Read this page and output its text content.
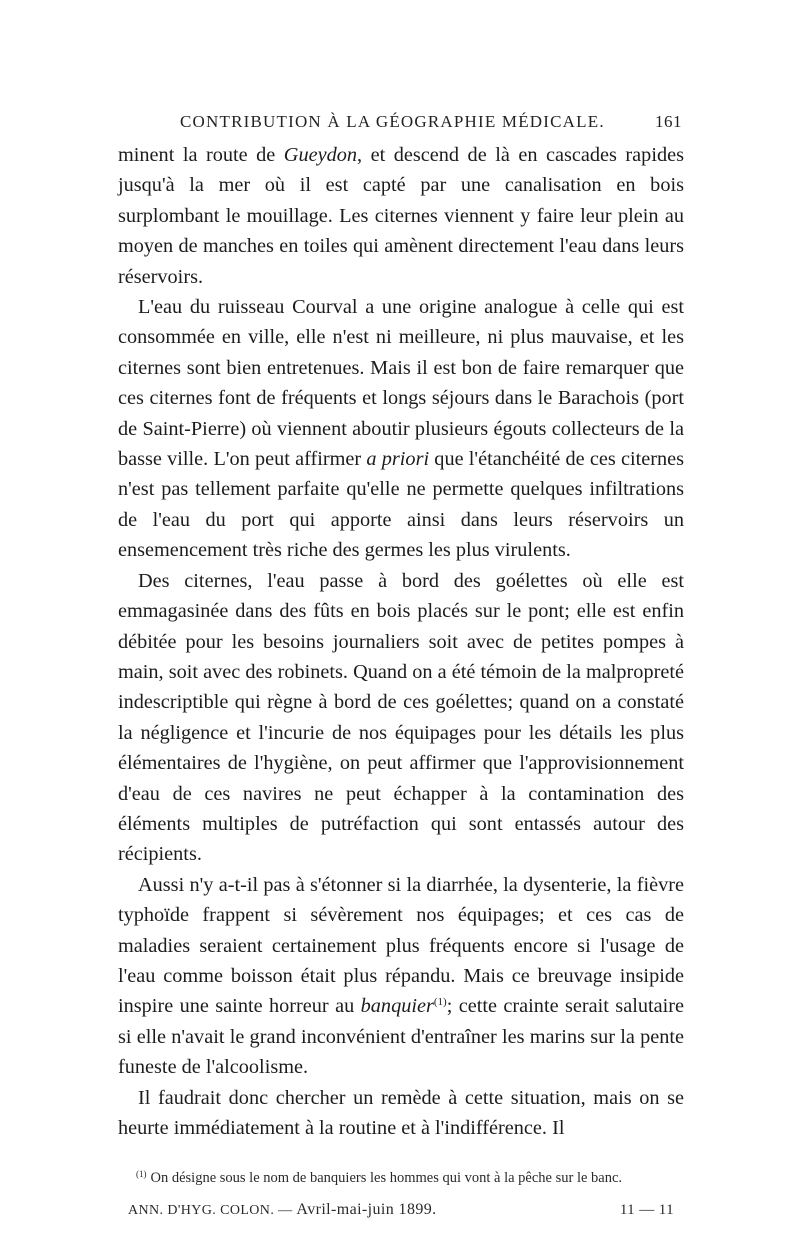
CONTRIBUTION À LA GÉOGRAPHIE MÉDICALE.	161

minent la route de Gueydon, et descend de là en cascades rapides jusqu'à la mer où il est capté par une canalisation en bois surplombant le mouillage. Les citernes viennent y faire leur plein au moyen de manches en toiles qui amènent directement l'eau dans leurs réservoirs.

L'eau du ruisseau Courval a une origine analogue à celle qui est consommée en ville, elle n'est ni meilleure, ni plus mauvaise, et les citernes sont bien entretenues. Mais il est bon de faire remarquer que ces citernes font de fréquents et longs séjours dans le Barachois (port de Saint-Pierre) où viennent aboutir plusieurs égouts collecteurs de la basse ville. L'on peut affirmer a priori que l'étanchéité de ces citernes n'est pas tellement parfaite qu'elle ne permette quelques infiltrations de l'eau du port qui apporte ainsi dans leurs réservoirs un ensemencement très riche des germes les plus virulents.

Des citernes, l'eau passe à bord des goélettes où elle est emmagasinée dans des fûts en bois placés sur le pont; elle est enfin débitée pour les besoins journaliers soit avec de petites pompes à main, soit avec des robinets. Quand on a été témoin de la malpropreté indescriptible qui règne à bord de ces goélettes; quand on a constaté la négligence et l'incurie de nos équipages pour les détails les plus élémentaires de l'hygiène, on peut affirmer que l'approvisionnement d'eau de ces navires ne peut échapper à la contamination des éléments multiples de putréfaction qui sont entassés autour des récipients.

Aussi n'y a-t-il pas à s'étonner si la diarrhée, la dysenterie, la fièvre typhoïde frappent si sévèrement nos équipages; et ces cas de maladies seraient certainement plus fréquents encore si l'usage de l'eau comme boisson était plus répandu. Mais ce breuvage insipide inspire une sainte horreur au banquier$^{(1)}$; cette crainte serait salutaire si elle n'avait le grand inconvénient d'entraîner les marins sur la pente funeste de l'alcoolisme.

Il faudrait donc chercher un remède à cette situation, mais on se heurte immédiatement à la routine et à l'indifférence. Il

$^{(1)}$ On désigne sous le nom de banquiers les hommes qui vont à la pêche sur le banc.
ANN. D'HYG. COLON. — Avril-mai-juin 1899.	11 — 11
